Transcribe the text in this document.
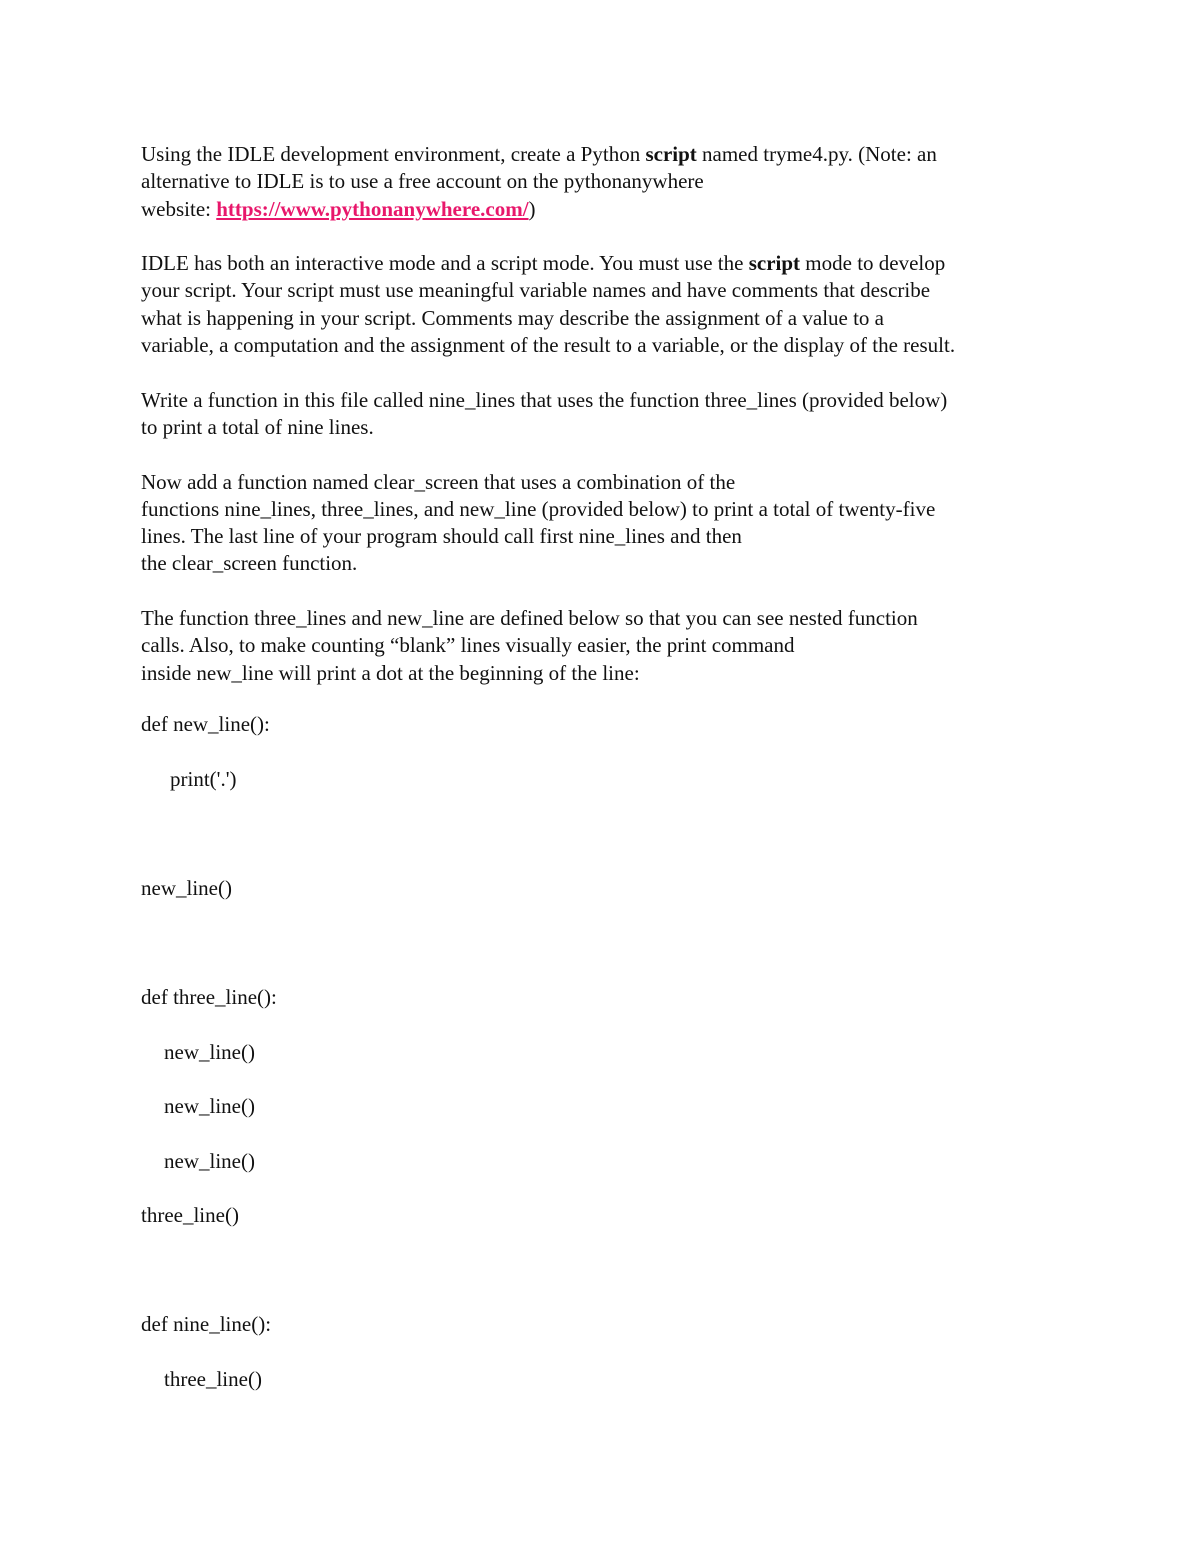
Using the IDLE development environment, create a Python script named tryme4.py. (Note: an
alternative to IDLE is to use a free account on the pythonanywhere
website: https://www.pythonanywhere.com/)
IDLE has both an interactive mode and a script mode. You must use the script mode to develop
your script. Your script must use meaningful variable names and have comments that describe
what is happening in your script. Comments may describe the assignment of a value to a
variable, a computation and the assignment of the result to a variable, or the display of the result.
Write a function in this file called nine_lines that uses the function three_lines (provided below)
to print a total of nine lines.
Now add a function named clear_screen that uses a combination of the
functions nine_lines, three_lines, and new_line (provided below) to print a total of twenty-five
lines. The last line of your program should call first nine_lines and then
the clear_screen function.
The function three_lines and new_line are defined below so that you can see nested function
calls. Also, to make counting “blank” lines visually easier, the print command
inside new_line will print a dot at the beginning of the line:
def new_line():
print('.')
new_line()
def three_line():
new_line()
new_line()
new_line()
three_line()
def nine_line():
three_line()
